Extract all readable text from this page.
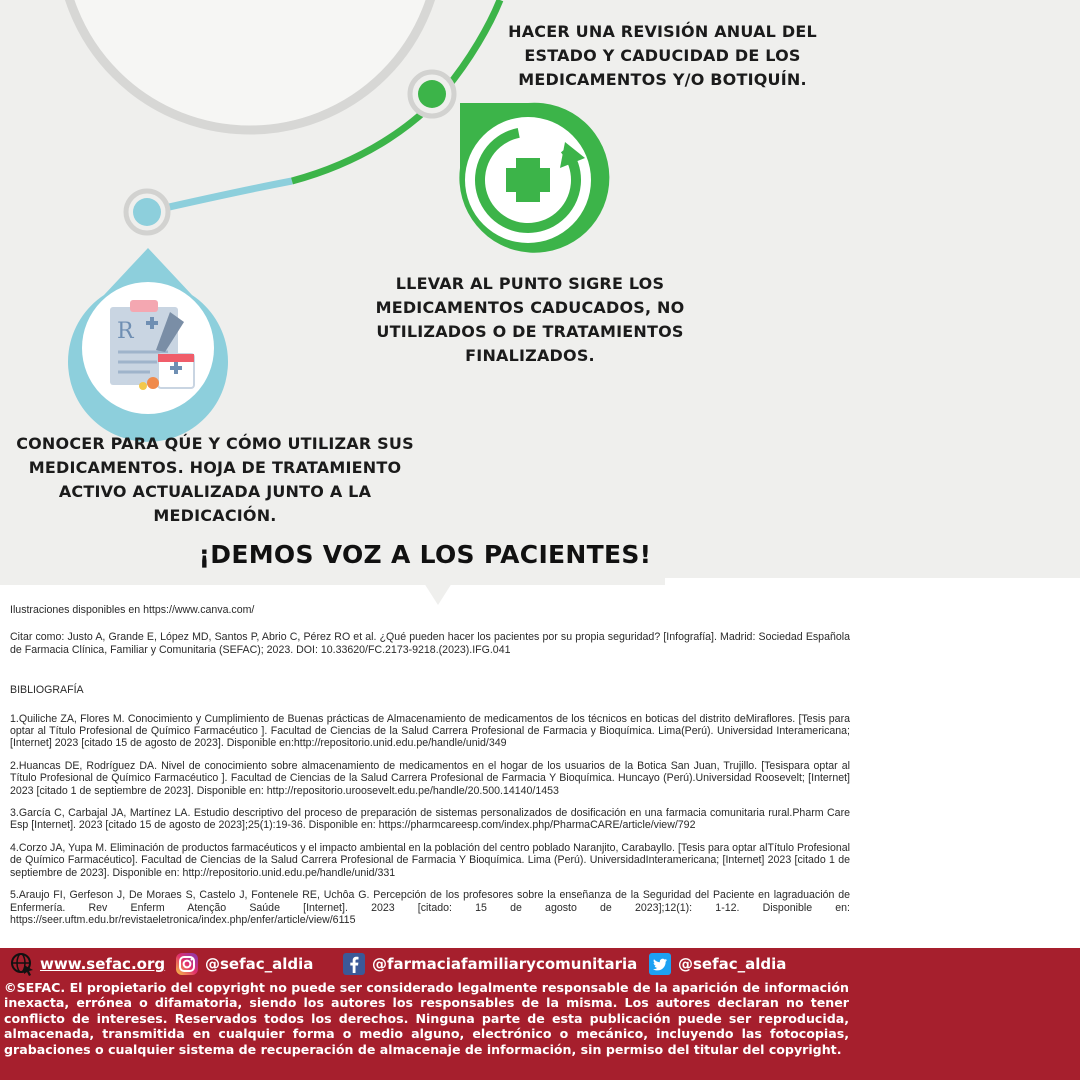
R
HACER UNA REVISIÓN ANUAL DEL
ESTADO Y CADUCIDAD DE LOS
MEDICAMENTOS Y/O BOTIQUÍN.
LLEVAR AL PUNTO SIGRE LOS
MEDICAMENTOS CADUCADOS, NO
UTILIZADOS O DE TRATAMIENTOS
FINALIZADOS.
CONOCER PARA QÚE Y CÓMO UTILIZAR SUS
MEDICAMENTOS. HOJA DE TRATAMIENTO
ACTIVO ACTUALIZADA JUNTO A LA
MEDICACIÓN.
¡DEMOS VOZ A LOS PACIENTES!

Ilustraciones disponibles en https://www.canva.com/

Citar como: Justo A, Grande E, López MD, Santos P, Abrio C, Pérez RO et al. ¿Qué pueden hacer los pacientes por su propia seguridad? [Infografía]. Madrid: Sociedad Española de Farmacia Clínica, Familiar y Comunitaria (SEFAC); 2023. DOI: 10.33620/FC.2173-9218.(2023).IFG.041

BIBLIOGRAFÍA

1.Quiliche ZA, Flores M. Conocimiento y Cumplimiento de Buenas prácticas de Almacenamiento de medicamentos de los técnicos en boticas del distrito deMiraflores. [Tesis para optar al Título Profesional de Químico Farmacéutico ]. Facultad de Ciencias de la Salud Carrera Profesional de Farmacia y Bioquímica. Lima(Perú). Universidad Interamericana; [Internet] 2023 [citado 15 de agosto de 2023]. Disponible en:http://repositorio.unid.edu.pe/handle/unid/349

2.Huancas DE, Rodríguez DA. Nivel de conocimiento sobre almacenamiento de medicamentos en el hogar de los usuarios de la Botica San Juan, Trujillo. [Tesispara optar al Título Profesional de Químico Farmacéutico ]. Facultad de Ciencias de la Salud Carrera Profesional de Farmacia Y Bioquímica. Huncayo (Perú).Universidad Roosevelt; [Internet] 2023 [citado 1 de septiembre de 2023]. Disponible en: http://repositorio.uroosevelt.edu.pe/handle/20.500.14140/1453

3.García C, Carbajal JA, Martínez LA. Estudio descriptivo del proceso de preparación de sistemas personalizados de dosificación en una farmacia comunitaria rural.Pharm Care Esp [Internet]. 2023 [citado 15 de agosto de 2023];25(1):19-36. Disponible en: https://pharmcareesp.com/index.php/PharmaCARE/article/view/792

4.Corzo JA, Yupa M. Eliminación de productos farmacéuticos y el impacto ambiental en la población del centro poblado Naranjito, Carabayllo. [Tesis para optar alTítulo Profesional de Químico Farmacéutico]. Facultad de Ciencias de la Salud Carrera Profesional de Farmacia Y Bioquímica. Lima (Perú). UniversidadInteramericana; [Internet] 2023 [citado 1 de septiembre de 2023]. Disponible en: http://repositorio.unid.edu.pe/handle/unid/331

5.Araujo FI, Gerfeson J, De Moraes S, Castelo J, Fontenele RE, Uchôa G. Percepción de los profesores sobre la enseñanza de la Seguridad del Paciente en lagraduación de Enfermería. Rev Enferm Atenção Saúde [Internet]. 2023 [citado: 15 de agosto de 2023];12(1): 1-12. Disponible en: https://seer.uftm.edu.br/revistaeletronica/index.php/enfer/article/view/6115

www.sefac.org	@sefac_aldia	@farmaciafamiliarycomunitaria	@sefac_aldia

©SEFAC. El propietario del copyright no puede ser considerado legalmente responsable de la aparición de información inexacta, errónea o difamatoria, siendo los autores los responsables de la misma. Los autores declaran no tener conflicto de intereses. Reservados todos los derechos. Ninguna parte de esta publicación puede ser reproducida, almacenada, transmitida en cualquier forma o medio alguno, electrónico o mecánico, incluyendo las fotocopias, grabaciones o cualquier sistema de recuperación de almacenaje de información, sin permiso del titular del copyright.
